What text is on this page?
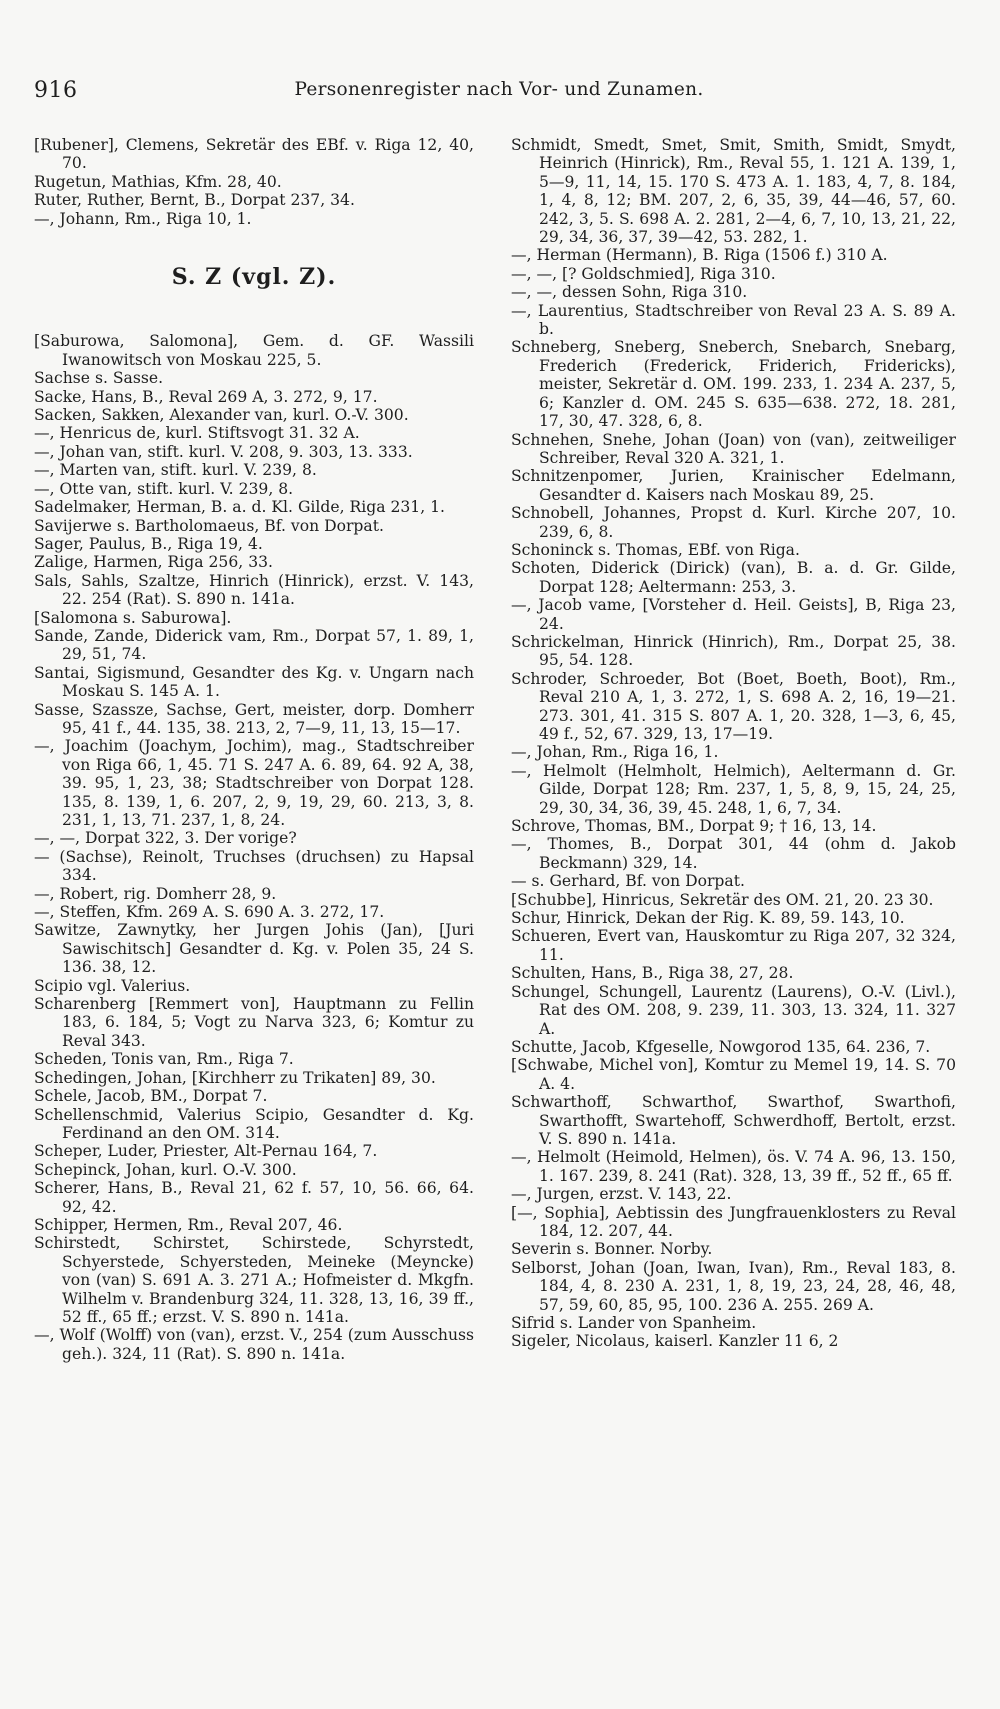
916	Personenregister nach Vor- und Zunamen.

[Rubener], Clemens, Sekretär des EBf. v. Riga 12, 40, 70.

Rugetun, Mathias, Kfm. 28, 40.

Ruter, Ruther, Bernt, B., Dorpat 237, 34.

—, Johann, Rm., Riga 10, 1.

S. Z (vgl. Z).

[Saburowa, Salomona], Gem. d. GF. Wassili Iwanowitsch von Moskau 225, 5.

Sachse s. Sasse.

Sacke, Hans, B., Reval 269 A, 3. 272, 9, 17.

Sacken, Sakken, Alexander van, kurl. O.-V. 300.

—, Henricus de, kurl. Stiftsvogt 31. 32 A.

—, Johan van, stift. kurl. V. 208, 9. 303, 13. 333.

—, Marten van, stift. kurl. V. 239, 8.

—, Otte van, stift. kurl. V. 239, 8.

Sadelmaker, Herman, B. a. d. Kl. Gilde, Riga 231, 1.

Savijerwe s. Bartholomaeus, Bf. von Dorpat.

Sager, Paulus, B., Riga 19, 4.

Zalige, Harmen, Riga 256, 33.

Sals, Sahls, Szaltze, Hinrich (Hinrick), erzst. V. 143, 22. 254 (Rat). S. 890 n. 141a.

[Salomona s. Saburowa].

Sande, Zande, Diderick vam, Rm., Dorpat 57, 1. 89, 1, 29, 51, 74.

Santai, Sigismund, Gesandter des Kg. v. Ungarn nach Moskau S. 145 A. 1.

Sasse, Szassze, Sachse, Gert, meister, dorp. Domherr 95, 41 f., 44. 135, 38. 213, 2, 7—9, 11, 13, 15—17.

—, Joachim (Joachym, Jochim), mag., Stadtschreiber von Riga 66, 1, 45. 71 S. 247 A. 6. 89, 64. 92 A, 38, 39. 95, 1, 23, 38; Stadtschreiber von Dorpat 128. 135, 8. 139, 1, 6. 207, 2, 9, 19, 29, 60. 213, 3, 8. 231, 1, 13, 71. 237, 1, 8, 24.

—, —, Dorpat 322, 3. Der vorige?

— (Sachse), Reinolt, Truchses (druchsen) zu Hapsal 334.

—, Robert, rig. Domherr 28, 9.

—, Steffen, Kfm. 269 A. S. 690 A. 3. 272, 17.

Sawitze, Zawnytky, her Jurgen Johis (Jan), [Juri Sawischitsch] Gesandter d. Kg. v. Polen 35, 24 S. 136. 38, 12.

Scipio vgl. Valerius.

Scharenberg [Remmert von], Hauptmann zu Fellin 183, 6. 184, 5; Vogt zu Narva 323, 6; Komtur zu Reval 343.

Scheden, Tonis van, Rm., Riga 7.

Schedingen, Johan, [Kirchherr zu Trikaten] 89, 30.

Schele, Jacob, BM., Dorpat 7.

Schellenschmid, Valerius Scipio, Gesandter d. Kg. Ferdinand an den OM. 314.

Scheper, Luder, Priester, Alt-Pernau 164, 7.

Schepinck, Johan, kurl. O.-V. 300.

Scherer, Hans, B., Reval 21, 62 f. 57, 10, 56. 66, 64. 92, 42.

Schipper, Hermen, Rm., Reval 207, 46.

Schirstedt, Schirstet, Schirstede, Schyrstedt, Schyerstede, Schyersteden, Meineke (Meyncke) von (van) S. 691 A. 3. 271 A.; Hofmeister d. Mkgfn. Wilhelm v. Brandenburg 324, 11. 328, 13, 16, 39 ff., 52 ff., 65 ff.; erzst. V. S. 890 n. 141a.

—, Wolf (Wolff) von (van), erzst. V., 254 (zum Ausschuss geh.). 324, 11 (Rat). S. 890 n. 141a.

Schmidt, Smedt, Smet, Smit, Smith, Smidt, Smydt, Heinrich (Hinrick), Rm., Reval 55, 1. 121 A. 139, 1, 5—9, 11, 14, 15. 170 S. 473 A. 1. 183, 4, 7, 8. 184, 1, 4, 8, 12; BM. 207, 2, 6, 35, 39, 44—46, 57, 60. 242, 3, 5. S. 698 A. 2. 281, 2—4, 6, 7, 10, 13, 21, 22, 29, 34, 36, 37, 39—42, 53. 282, 1.

—, Herman (Hermann), B. Riga (1506 f.) 310 A.

—, —, [? Goldschmied], Riga 310.

—, —, dessen Sohn, Riga 310.

—, Laurentius, Stadtschreiber von Reval 23 A. S. 89 A. b.

Schneberg, Sneberg, Sneberch, Snebarch, Snebarg, Frederich (Frederick, Friderich, Fridericks), meister, Sekretär d. OM. 199. 233, 1. 234 A. 237, 5, 6; Kanzler d. OM. 245 S. 635—638. 272, 18. 281, 17, 30, 47. 328, 6, 8.

Schnehen, Snehe, Johan (Joan) von (van), zeitweiliger Schreiber, Reval 320 A. 321, 1.

Schnitzenpomer, Jurien, Krainischer Edelmann, Gesandter d. Kaisers nach Moskau 89, 25.

Schnobell, Johannes, Propst d. Kurl. Kirche 207, 10. 239, 6, 8.

Schoninck s. Thomas, EBf. von Riga.

Schoten, Diderick (Dirick) (van), B. a. d. Gr. Gilde, Dorpat 128; Aeltermann: 253, 3.

—, Jacob vame, [Vorsteher d. Heil. Geists], B, Riga 23, 24.

Schrickelman, Hinrick (Hinrich), Rm., Dorpat 25, 38. 95, 54. 128.

Schroder, Schroeder, Bot (Boet, Boeth, Boot), Rm., Reval 210 A, 1, 3. 272, 1, S. 698 A. 2, 16, 19—21. 273. 301, 41. 315 S. 807 A. 1, 20. 328, 1—3, 6, 45, 49 f., 52, 67. 329, 13, 17—19.

—, Johan, Rm., Riga 16, 1.

—, Helmolt (Helmholt, Helmich), Aeltermann d. Gr. Gilde, Dorpat 128; Rm. 237, 1, 5, 8, 9, 15, 24, 25, 29, 30, 34, 36, 39, 45. 248, 1, 6, 7, 34.

Schrove, Thomas, BM., Dorpat 9; † 16, 13, 14.

—, Thomes, B., Dorpat 301, 44 (ohm d. Jakob Beckmann) 329, 14.

— s. Gerhard, Bf. von Dorpat.

[Schubbe], Hinricus, Sekretär des OM. 21, 20. 23 30.

Schur, Hinrick, Dekan der Rig. K. 89, 59. 143, 10.

Schueren, Evert van, Hauskomtur zu Riga 207, 32 324, 11.

Schulten, Hans, B., Riga 38, 27, 28.

Schungel, Schungell, Laurentz (Laurens), O.-V. (Livl.), Rat des OM. 208, 9. 239, 11. 303, 13. 324, 11. 327 A.

Schutte, Jacob, Kfgeselle, Nowgorod 135, 64. 236, 7.

[Schwabe, Michel von], Komtur zu Memel 19, 14. S. 70 A. 4.

Schwarthoff, Schwarthof, Swarthof, Swarthofi, Swarthofft, Swartehoff, Schwerdhoff, Bertolt, erzst. V. S. 890 n. 141a.

—, Helmolt (Heimold, Helmen), ös. V. 74 A. 96, 13. 150, 1. 167. 239, 8. 241 (Rat). 328, 13, 39 ff., 52 ff., 65 ff.

—, Jurgen, erzst. V. 143, 22.

[—, Sophia], Aebtissin des Jungfrauenklosters zu Reval 184, 12. 207, 44.

Severin s. Bonner. Norby.

Selborst, Johan (Joan, Iwan, Ivan), Rm., Reval 183, 8. 184, 4, 8. 230 A. 231, 1, 8, 19, 23, 24, 28, 46, 48, 57, 59, 60, 85, 95, 100. 236 A. 255. 269 A.

Sifrid s. Lander von Spanheim.

Sigeler, Nicolaus, kaiserl. Kanzler 11 6, 2
